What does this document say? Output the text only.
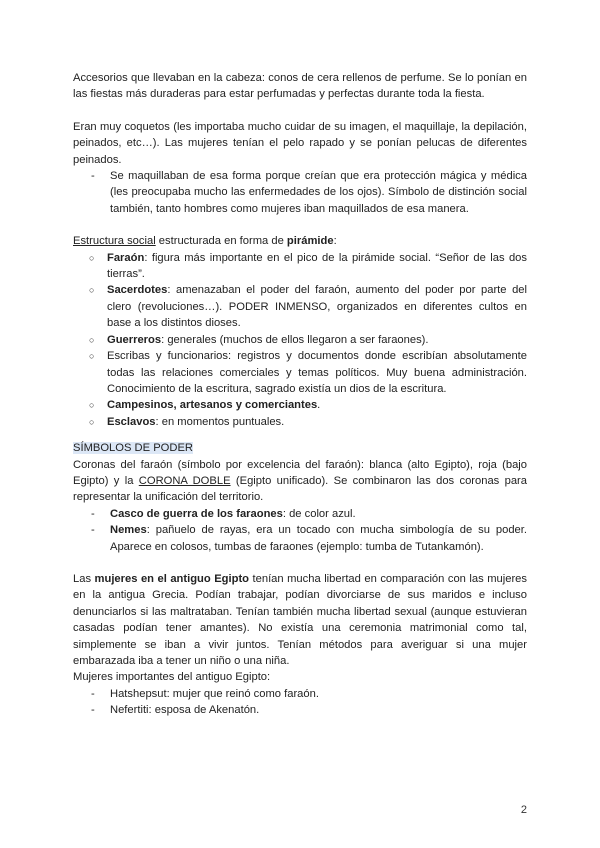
Accesorios que llevaban en la cabeza: conos de cera rellenos de perfume. Se lo ponían en las fiestas más duraderas para estar perfumadas y perfectas durante toda la fiesta.

Eran muy coquetos (les importaba mucho cuidar de su imagen, el maquillaje, la depilación, peinados, etc…). Las mujeres tenían el pelo rapado y se ponían pelucas de diferentes peinados.

- Se maquillaban de esa forma porque creían que era protección mágica y médica (les preocupaba mucho las enfermedades de los ojos). Símbolo de distinción social también, tanto hombres como mujeres iban maquillados de esa manera.

Estructura social estructurada en forma de pirámide:

○ Faraón: figura más importante en el pico de la pirámide social. “Señor de las dos tierras”.
○ Sacerdotes: amenazaban el poder del faraón, aumento del poder por parte del clero (revoluciones…). PODER INMENSO, organizados en diferentes cultos en base a los distintos dioses.
○ Guerreros: generales (muchos de ellos llegaron a ser faraones).
○ Escribas y funcionarios: registros y documentos donde escribían absolutamente todas las relaciones comerciales y temas políticos. Muy buena administración. Conocimiento de la escritura, sagrado existía un dios de la escritura.
○ Campesinos, artesanos y comerciantes.
○ Esclavos: en momentos puntuales.

SÍMBOLOS DE PODER

Coronas del faraón (símbolo por excelencia del faraón): blanca (alto Egipto), roja (bajo Egipto) y la CORONA DOBLE (Egipto unificado). Se combinaron las dos coronas para representar la unificación del territorio.

- Casco de guerra de los faraones: de color azul.
- Nemes: pañuelo de rayas, era un tocado con mucha simbología de su poder. Aparece en colosos, tumbas de faraones (ejemplo: tumba de Tutankamón).

Las mujeres en el antiguo Egipto tenían mucha libertad en comparación con las mujeres en la antigua Grecia. Podían trabajar, podían divorciarse de sus maridos e incluso denunciarlos si las maltrataban. Tenían también mucha libertad sexual (aunque estuvieran casadas podían tener amantes). No existía una ceremonia matrimonial como tal, simplemente se iban a vivir juntos. Tenían métodos para averiguar si una mujer embarazada iba a tener un niño o una niña.

Mujeres importantes del antiguo Egipto:

- Hatshepsut: mujer que reinó como faraón.
- Nefertiti: esposa de Akenatón.
2
